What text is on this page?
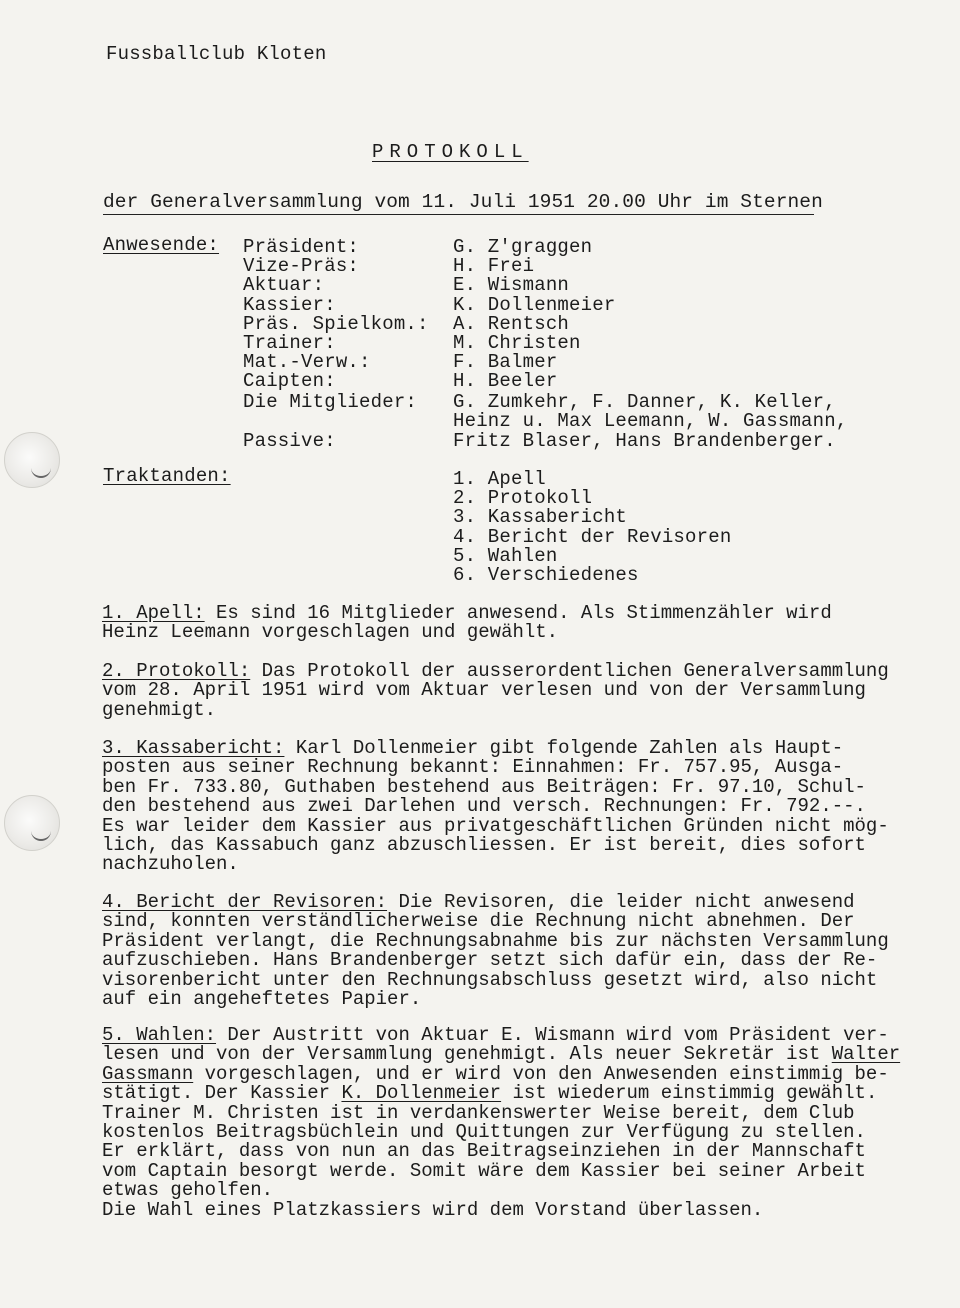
Fussballclub Kloten
PROTOKOLL
der Generalversammlung vom 11. Juli 1951 20.00 Uhr im Sternen
Anwesende: Präsident:	G. Z'graggen
Vize-Präs:	H. Frei
Aktuar:	E. Wismann
Kassier:	K. Dollenmeier
Präs. Spielkom.: A. Rentsch
Trainer:	M. Christen
Mat.-Verw.:	F. Balmer
Caipten:	H. Beeler
Die Mitglieder: G. Zumkehr, F. Danner, K. Keller,
Heinz u. Max Leemann, W. Gassmann,
Passive:	Fritz Blaser, Hans Brandenberger.
Traktanden:	1. Apell
2. Protokoll
3. Kassabericht
4. Bericht der Revisoren
5. Wahlen
6. Verschiedenes
1. Apell: Es sind 16 Mitglieder anwesend. Als Stimmenzähler wird
Heinz Leemann vorgeschlagen und gewählt.
2. Protokoll: Das Protokoll der ausserordentlichen Generalversammlung
vom 28. April 1951 wird vom Aktuar verlesen und von der Versammlung
genehmigt.
3. Kassabericht: Karl Dollenmeier gibt folgende Zahlen als Haupt-
posten aus seiner Rechnung bekannt: Einnahmen: Fr. 757.95, Ausga-
ben Fr. 733.80, Guthaben bestehend aus Beiträgen: Fr. 97.10, Schul-
den bestehend aus zwei Darlehen und versch. Rechnungen: Fr. 792.--.
Es war leider dem Kassier aus privatgeschäftlichen Gründen nicht mög-
lich, das Kassabuch ganz abzuschliessen. Er ist bereit, dies sofort
nachzuholen.
4. Bericht der Revisoren: Die Revisoren, die leider nicht anwesend
sind, konnten verständlicherweise die Rechnung nicht abnehmen. Der
Präsident verlangt, die Rechnungsabnahme bis zur nächsten Versammlung
aufzuschieben. Hans Brandenberger setzt sich dafür ein, dass der Re-
visorenbericht unter den Rechnungsabschluss gesetzt wird, also nicht
auf ein angeheftetes Papier.
5. Wahlen: Der Austritt von Aktuar E. Wismann wird vom Präsident ver-
lesen und von der Versammlung genehmigt. Als neuer Sekretär ist Walter
Gassmann vorgeschlagen, und er wird von den Anwesenden einstimmig be-
stätigt. Der Kassier K. Dollenmeier ist wiederum einstimmig gewählt.
Trainer M. Christen ist in verdankenswerter Weise bereit, dem Club
kostenlos Beitragsbüchlein und Quittungen zur Verfügung zu stellen.
Er erklärt, dass von nun an das Beitragseinziehen in der Mannschaft
vom Captain besorgt werde. Somit wäre dem Kassier bei seiner Arbeit
etwas geholfen.
Die Wahl eines Platzkassiers wird dem Vorstand überlassen.
